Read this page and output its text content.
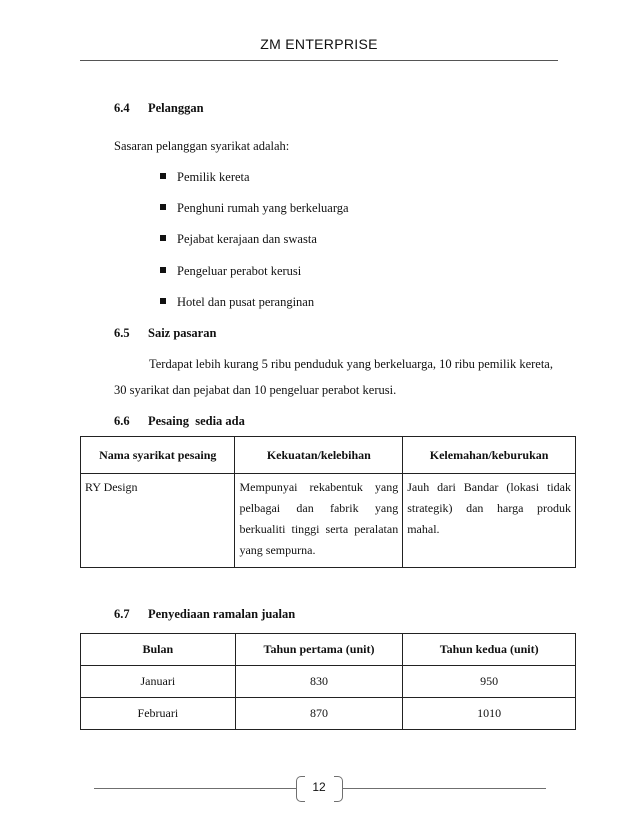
ZM ENTERPRISE
6.4 Pelanggan
Sasaran pelanggan syarikat adalah:
Pemilik kereta
Penghuni rumah yang berkeluarga
Pejabat kerajaan dan swasta
Pengeluar perabot kerusi
Hotel dan pusat peranginan
6.5 Saiz pasaran
Terdapat lebih kurang 5 ribu penduduk yang berkeluarga, 10 ribu pemilik kereta,
30 syarikat dan pejabat dan 10 pengeluar perabot kerusi.
6.6 Pesaing  sedia ada
Nama syarikat pesaing	Kekuatan/kelebihan	Kelemahan/keburukan
RY Design	Mempunyai rekabentuk yang pelbagai dan fabrik yang berkualiti tinggi serta peralatan yang sempurna.	Jauh dari Bandar (lokasi tidak strategik) dan harga produk mahal.
6.7 Penyediaan ramalan jualan
Bulan	Tahun pertama (unit)	Tahun kedua (unit)
Januari	830	950
Februari	870	1010
12
